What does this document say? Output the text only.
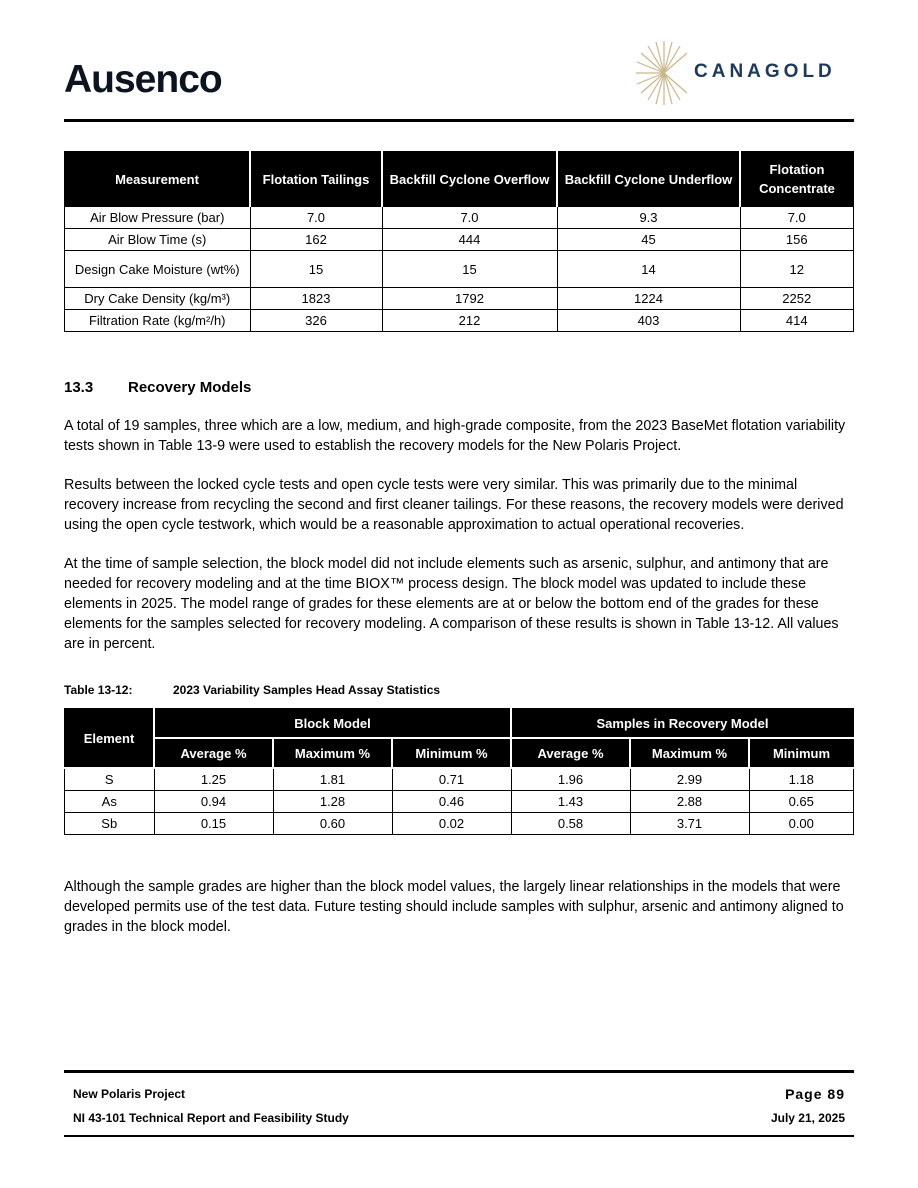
Ausenco	CANAGOLD
Measurement	Flotation Tailings	Backfill Cyclone Overflow	Backfill Cyclone Underflow	Flotation Concentrate
Air Blow Pressure (bar)	7.0	7.0	9.3	7.0
Air Blow Time (s)	162	444	45	156
Design Cake Moisture (wt%)	15	15	14	12
Dry Cake Density (kg/m³)	1823	1792	1224	2252
Filtration Rate (kg/m²/h)	326	212	403	414
13.3 Recovery Models

A total of 19 samples, three which are a low, medium, and high-grade composite, from the 2023 BaseMet flotation variability tests shown in Table 13-9 were used to establish the recovery models for the New Polaris Project.

Results between the locked cycle tests and open cycle tests were very similar. This was primarily due to the minimal recovery increase from recycling the second and first cleaner tailings. For these reasons, the recovery models were derived using the open cycle testwork, which would be a reasonable approximation to actual operational recoveries.

At the time of sample selection, the block model did not include elements such as arsenic, sulphur, and antimony that are needed for recovery modeling and at the time BIOX™ process design. The block model was updated to include these elements in 2025. The model range of grades for these elements are at or below the bottom end of the grades for these elements for the samples selected for recovery modeling. A comparison of these results is shown in Table 13-12. All values are in percent.

Table 13-12:	2023 Variability Samples Head Assay Statistics
Element	Block Model			Samples in Recovery Model		
	Average %	Maximum %	Minimum %	Average %	Maximum %	Minimum
S	1.25	1.81	0.71	1.96	2.99	1.18
As	0.94	1.28	0.46	1.43	2.88	0.65
Sb	0.15	0.60	0.02	0.58	3.71	0.00

Although the sample grades are higher than the block model values, the largely linear relationships in the models that were developed permits use of the test data. Future testing should include samples with sulphur, arsenic and antimony aligned to grades in the block model.

New Polaris Project
NI 43-101 Technical Report and Feasibility Study
Page 89
July 21, 2025
